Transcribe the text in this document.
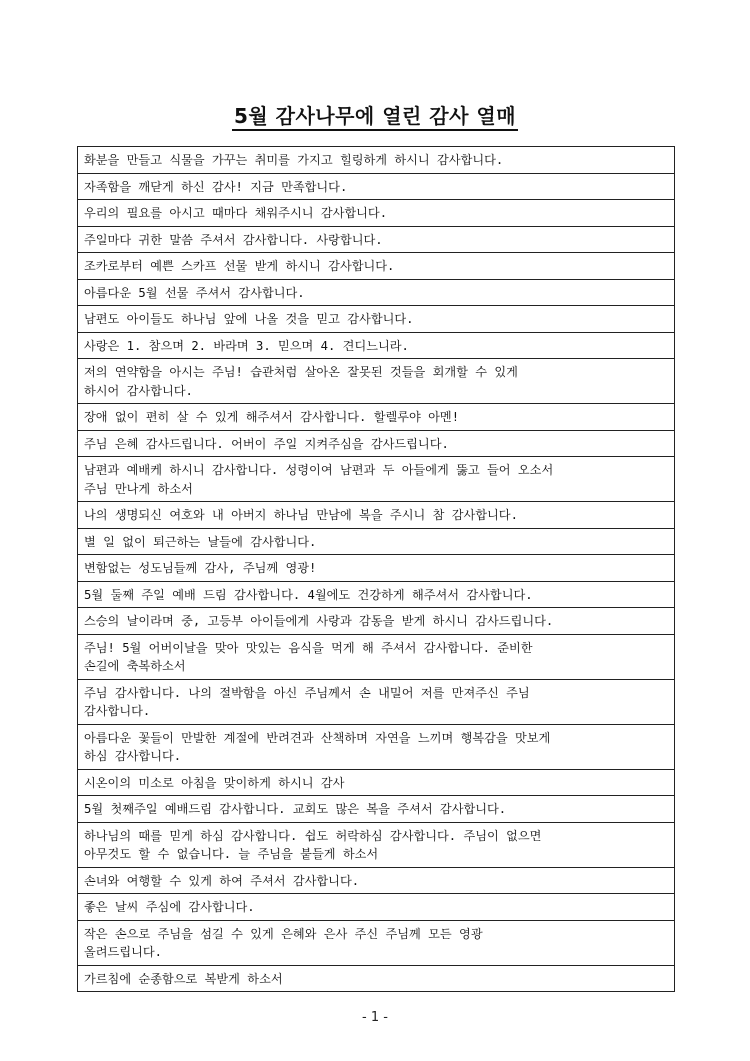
5월 감사나무에 열린 감사 열매
화분을 만들고 식물을 가꾸는 취미를 가지고 힐링하게 하시니 감사합니다.
자족함을 깨닫게 하신 감사! 지금 만족합니다.
우리의 필요를 아시고 때마다 채워주시니 감사합니다.
주일마다 귀한 말씀 주셔서 감사합니다. 사랑합니다.
조카로부터 예쁜 스카프 선물 받게 하시니 감사합니다.
아름다운 5월 선물 주셔서 감사합니다.
남편도 아이들도 하나님 앞에 나올 것을 믿고 감사합니다.
사랑은 1. 참으며 2. 바라며 3. 믿으며 4. 견디느니라.
저의 연약함을 아시는 주님! 습관처럼 살아온 잘못된 것들을 회개할 수 있게
하시어 감사합니다.
장애 없이 편히 살 수 있게 해주셔서 감사합니다. 할렐루야 아멘!
주님 은혜 감사드립니다. 어버이 주일 지켜주심을 감사드립니다.
남편과 예배케 하시니 감사합니다. 성령이여 남편과 두 아들에게 뚫고 들어 오소서
주님 만나게 하소서
나의 생명되신 여호와 내 아버지 하나님 만남에 복을 주시니 참 감사합니다.
별 일 없이 퇴근하는 날들에 감사합니다.
변함없는 성도님들께 감사, 주님께 영광!
5월 둘째 주일 예배 드림 감사합니다. 4월에도 건강하게 해주셔서 감사합니다.
스승의 날이라며 중, 고등부 아이들에게 사랑과 감동을 받게 하시니 감사드립니다.
주님! 5월 어버이날을 맞아 맛있는 음식을 먹게 해 주셔서 감사합니다. 준비한
손길에 축복하소서
주님 감사합니다. 나의 절박함을 아신 주님께서 손 내밀어 저를 만져주신 주님
감사합니다.
아름다운 꽃들이 만발한 계절에 반려견과 산책하며 자연을 느끼며 행복감을 맛보게
하심 감사합니다.
시온이의 미소로 아침을 맞이하게 하시니 감사
5월 첫째주일 예배드림 감사합니다. 교회도 많은 복을 주셔서 감사합니다.
하나님의 때를 믿게 하심 감사합니다. 쉽도 허락하심 감사합니다. 주님이 없으면
아무것도 할 수 없습니다. 늘 주님을 붙들게 하소서
손녀와 여행할 수 있게 하여 주셔서 감사합니다.
좋은 날씨 주심에 감사합니다.
작은 손으로 주님을 섬길 수 있게 은혜와 은사 주신 주님께 모든 영광
올려드립니다.
가르침에 순종함으로 복받게 하소서
- 1 -
